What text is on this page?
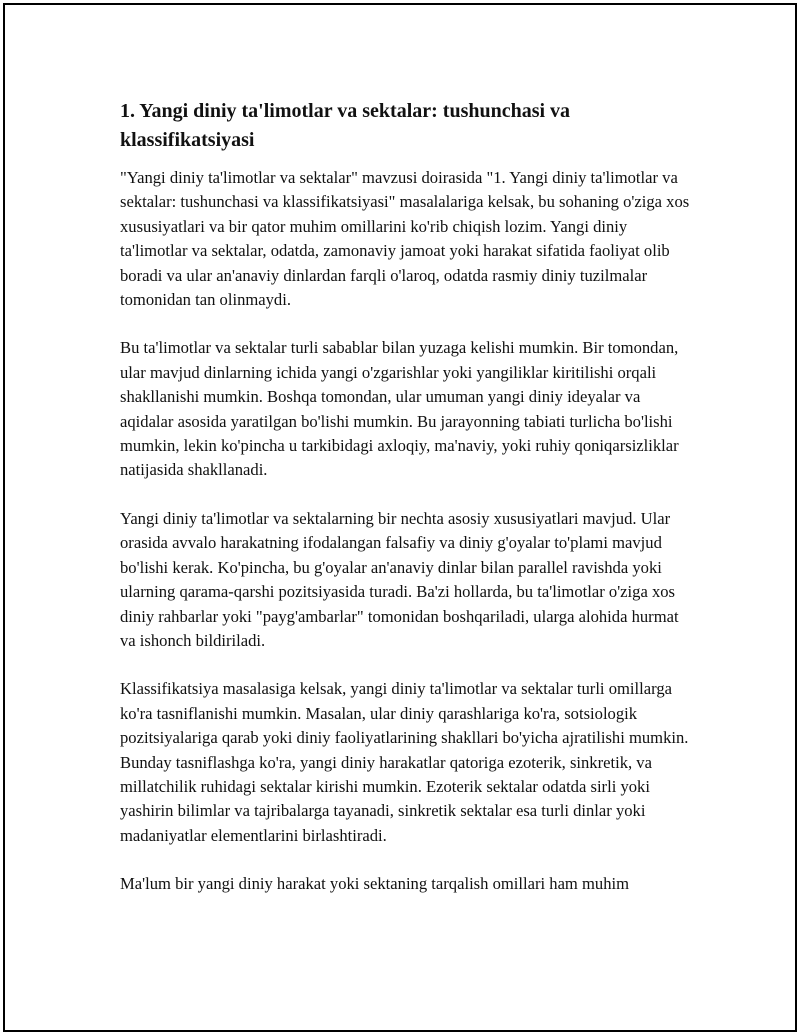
1. Yangi diniy ta'limotlar va sektalar: tushunchasi va klassifikatsiyasi

"Yangi diniy ta'limotlar va sektalar" mavzusi doirasida "1. Yangi diniy ta'limotlar va sektalar: tushunchasi va klassifikatsiyasi" masalalariga kelsak, bu sohaning o'ziga xos xususiyatlari va bir qator muhim omillarini ko'rib chiqish lozim. Yangi diniy ta'limotlar va sektalar, odatda, zamonaviy jamoat yoki harakat sifatida faoliyat olib boradi va ular an'anaviy dinlardan farqli o'laroq, odatda rasmiy diniy tuzilmalar tomonidan tan olinmaydi.

Bu ta'limotlar va sektalar turli sabablar bilan yuzaga kelishi mumkin. Bir tomondan, ular mavjud dinlarning ichida yangi o'zgarishlar yoki yangiliklar kiritilishi orqali shakllanishi mumkin. Boshqa tomondan, ular umuman yangi diniy ideyalar va aqidalar asosida yaratilgan bo'lishi mumkin. Bu jarayonning tabiati turlicha bo'lishi mumkin, lekin ko'pincha u tarkibidagi axloqiy, ma'naviy, yoki ruhiy qoniqarsizliklar natijasida shakllanadi.

Yangi diniy ta'limotlar va sektalarning bir nechta asosiy xususiyatlari mavjud. Ular orasida avvalo harakatning ifodalangan falsafiy va diniy g'oyalar to'plami mavjud bo'lishi kerak. Ko'pincha, bu g'oyalar an'anaviy dinlar bilan parallel ravishda yoki ularning qarama-qarshi pozitsiyasida turadi. Ba'zi hollarda, bu ta'limotlar o'ziga xos diniy rahbarlar yoki "payg'ambarlar" tomonidan boshqariladi, ularga alohida hurmat va ishonch bildiriladi.

Klassifikatsiya masalasiga kelsak, yangi diniy ta'limotlar va sektalar turli omillarga ko'ra tasniflanishi mumkin. Masalan, ular diniy qarashlariga ko'ra, sotsiologik pozitsiyalariga qarab yoki diniy faoliyatlarining shakllari bo'yicha ajratilishi mumkin. Bunday tasniflashga ko'ra, yangi diniy harakatlar qatoriga ezoterik, sinkretik, va millatchilik ruhidagi sektalar kirishi mumkin. Ezoterik sektalar odatda sirli yoki yashirin bilimlar va tajribalarga tayanadi, sinkretik sektalar esa turli dinlar yoki madaniyatlar elementlarini birlashtiradi.

Ma'lum bir yangi diniy harakat yoki sektaning tarqalish omillari ham muhim
